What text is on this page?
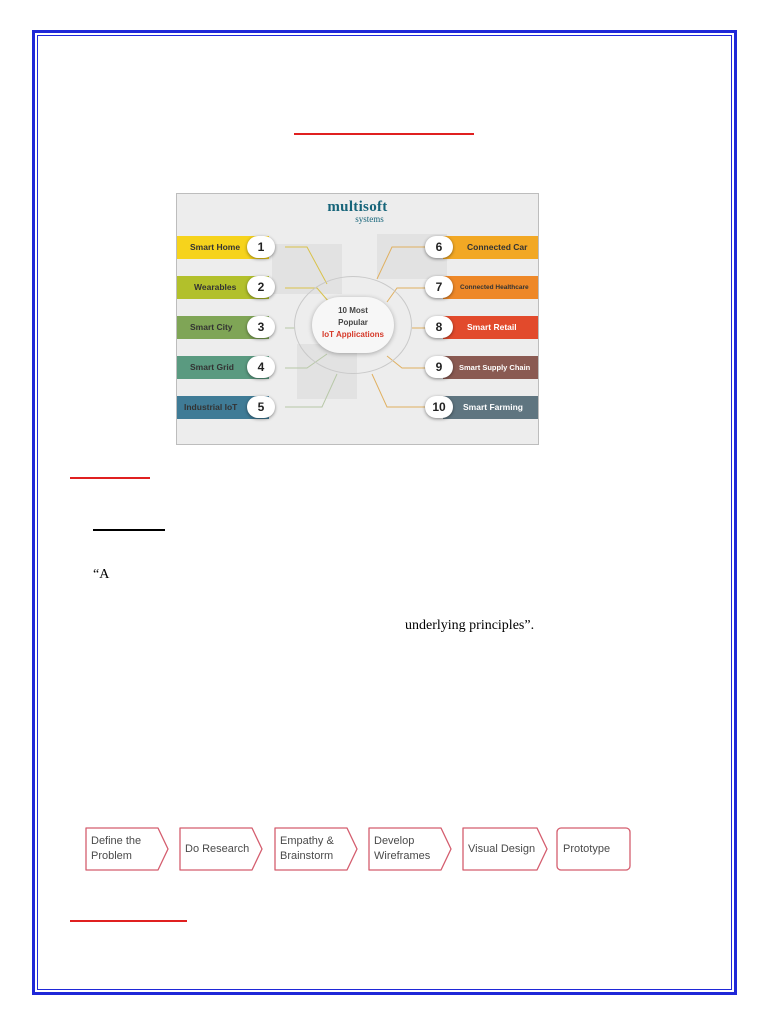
multisoft
systems
10 Most
Popular
IoT Applications
Smart Home	1
Wearables	2
Smart City	3
Smart Grid	4
Industrial IoT	5
Connected Car
6
Connected Healthcare
7
Smart Retail
8
Smart Supply Chain
9
Smart Farming
10
“A
underlying principles”.
Define the
Problem
Do Research
Empathy &
Brainstorm
Develop
Wireframes
Visual Design	Prototype
